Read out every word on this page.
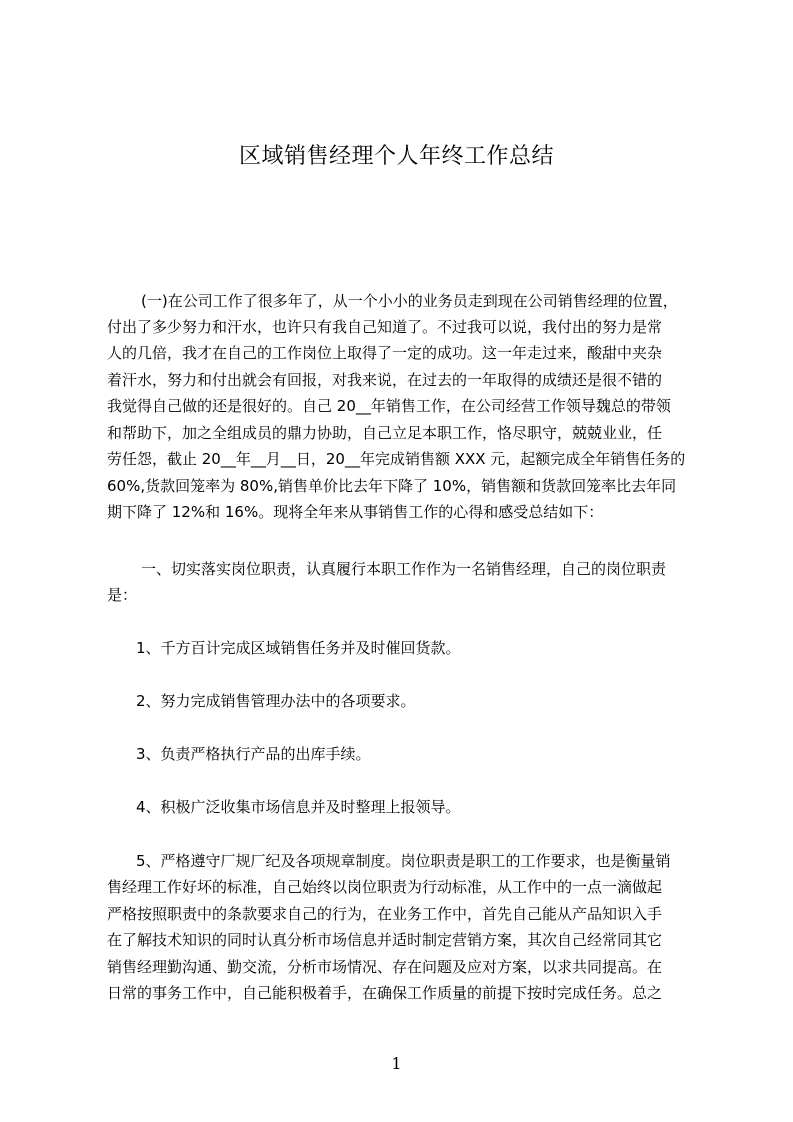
区域销售经理个人年终工作总结
(一)在公司工作了很多年了，从一个小小的业务员走到现在公司销售经理的位置，
付出了多少努力和汗水，也许只有我自己知道了。不过我可以说，我付出的努力是常
人的几倍，我才在自己的工作岗位上取得了一定的成功。这一年走过来，酸甜中夹杂
着汗水，努力和付出就会有回报，对我来说，在过去的一年取得的成绩还是很不错的
我觉得自己做的还是很好的。自己 20__年销售工作，在公司经营工作领导魏总的带领
和帮助下，加之全组成员的鼎力协助，自己立足本职工作，恪尽职守，兢兢业业，任
劳任怨，截止 20__年__月__日，20__年完成销售额 XXX 元，起额完成全年销售任务的
60%,货款回笼率为 80%,销售单价比去年下降了 10%，销售额和货款回笼率比去年同
期下降了 12%和 16%。现将全年来从事销售工作的心得和感受总结如下：
一、切实落实岗位职责，认真履行本职工作作为一名销售经理，自己的岗位职责
是：
1、千方百计完成区域销售任务并及时催回货款。
2、努力完成销售管理办法中的各项要求。
3、负责严格执行产品的出库手续。
4、积极广泛收集市场信息并及时整理上报领导。
5、严格遵守厂规厂纪及各项规章制度。岗位职责是职工的工作要求，也是衡量销
售经理工作好坏的标准，自己始终以岗位职责为行动标准，从工作中的一点一滴做起
严格按照职责中的条款要求自己的行为，在业务工作中，首先自己能从产品知识入手
在了解技术知识的同时认真分析市场信息并适时制定营销方案，其次自己经常同其它
销售经理勤沟通、勤交流，分析市场情况、存在问题及应对方案，以求共同提高。在
日常的事务工作中，自己能积极着手，在确保工作质量的前提下按时完成任务。总之
1
